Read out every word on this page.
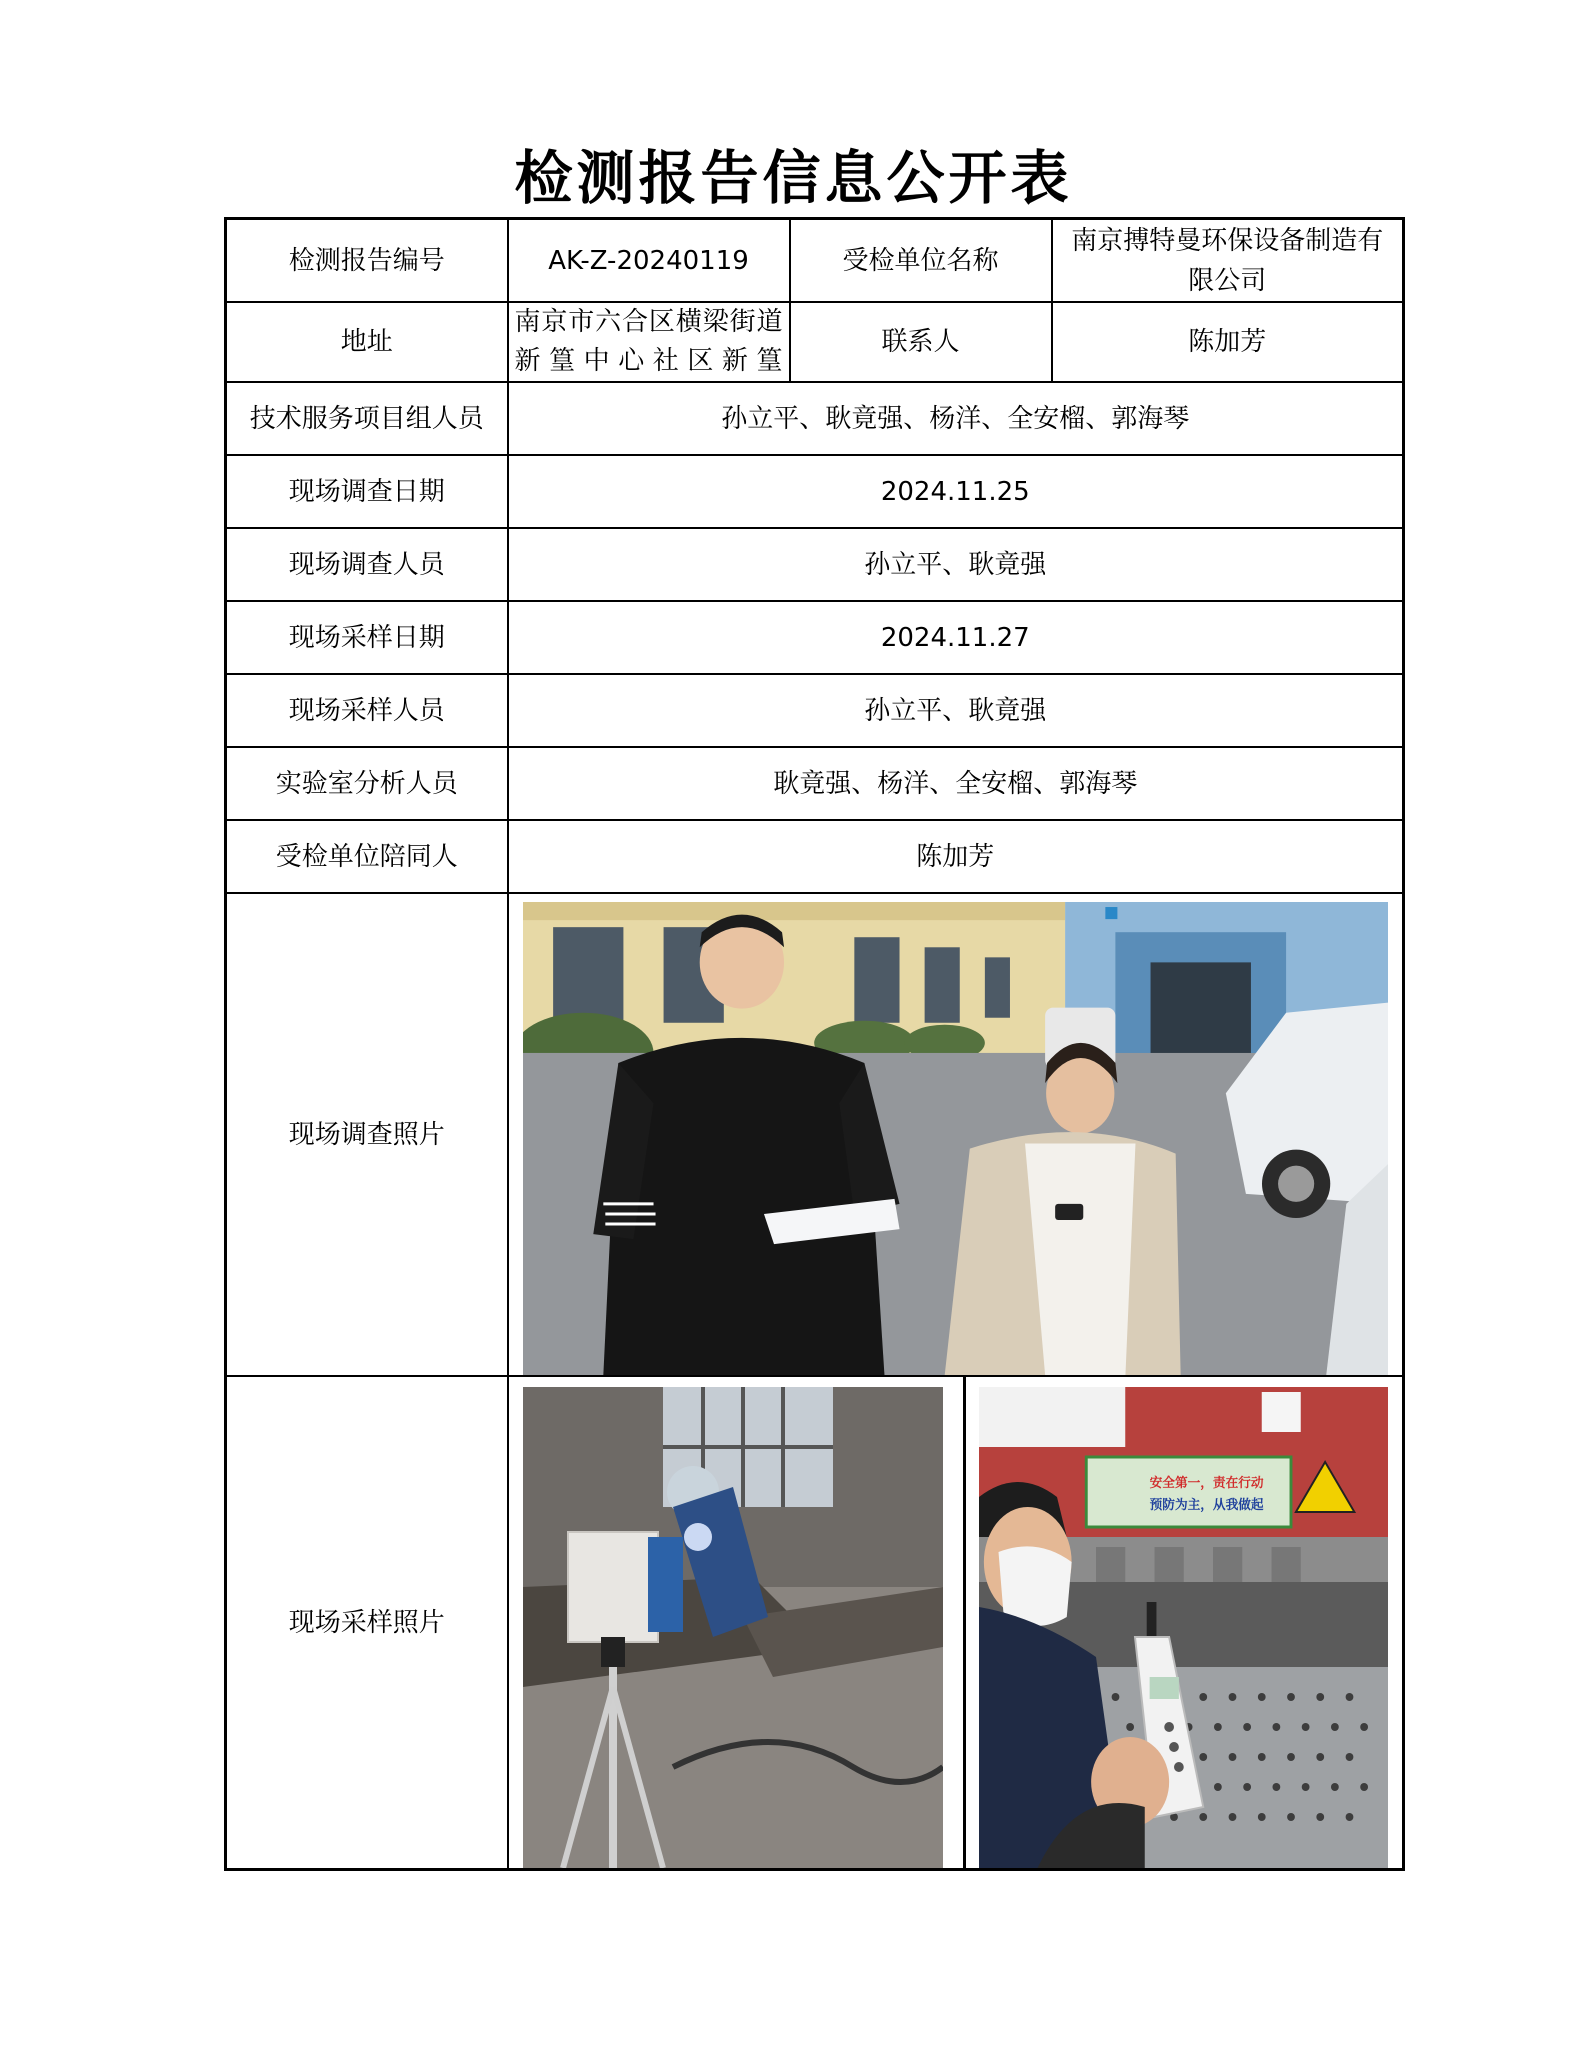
检测报告信息公开表
检测报告编号	AK-Z-20240119	受检单位名称	南京搏特曼环保设备制造有限公司
地址	南京市六合区横梁街道新篁中心社区新篁	联系人	陈加芳
技术服务项目组人员	孙立平、耿竟强、杨洋、全安榴、郭海琴		
现场调查日期	2024.11.25		
现场调查人员	孙立平、耿竟强		
现场采样日期	2024.11.27		
现场采样人员	孙立平、耿竟强		
实验室分析人员	耿竟强、杨洋、全安榴、郭海琴		
受检单位陪同人	陈加芳		
现场调查照片	

现场采样照片	安全第一，责在行动
预防为主，从我做起		
